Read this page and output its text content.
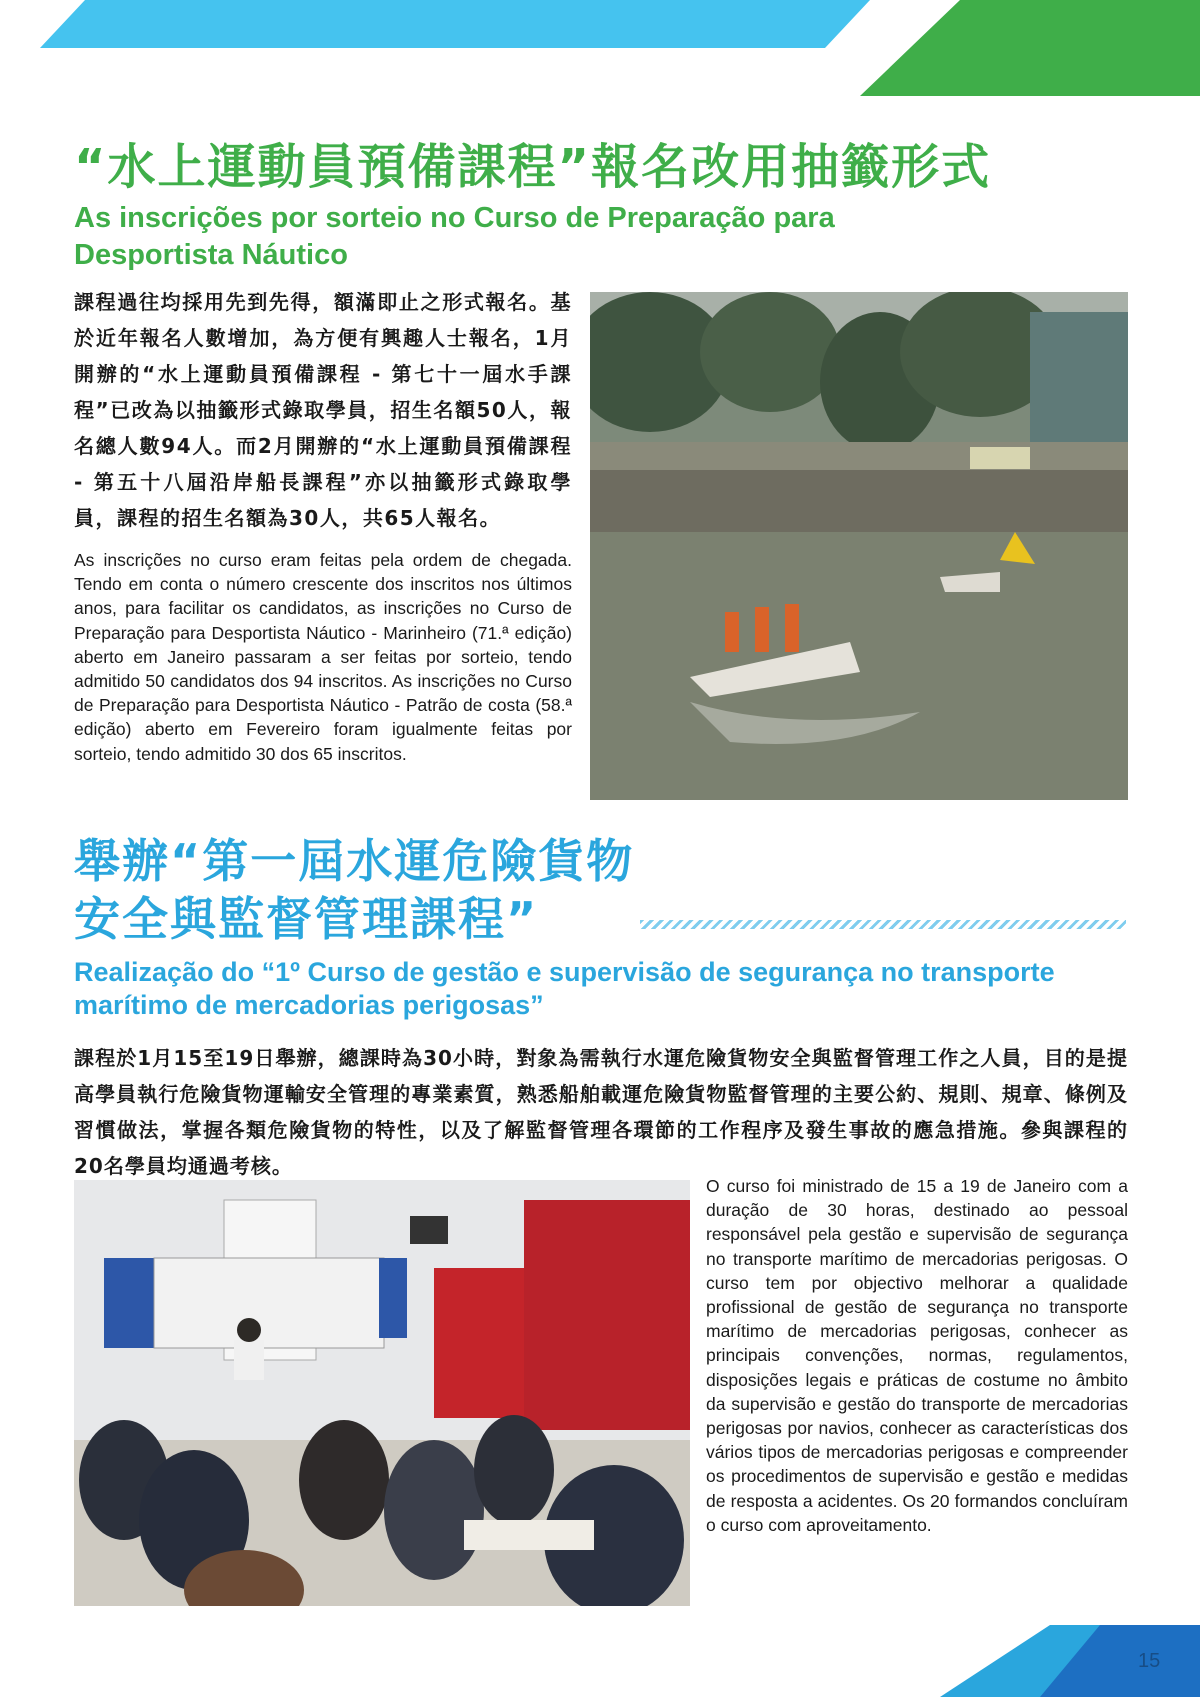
15
“水上運動員預備課程”報名改用抽籤形式
As inscrições por sorteio no Curso de Preparação para Desportista Náutico

課程過往均採用先到先得，額滿即止之形式報名。基於近年報名人數增加，為方便有興趣人士報名，1月開辦的“水上運動員預備課程 - 第七十一屆水手課程”已改為以抽籤形式錄取學員，招生名額50人，報名總人數94人。而2月開辦的“水上運動員預備課程 - 第五十八屆沿岸船長課程”亦以抽籤形式錄取學員，課程的招生名額為30人，共65人報名。

As inscrições no curso eram feitas pela ordem de chegada. Tendo em conta o número crescente dos inscritos nos últimos anos, para facilitar os candidatos, as inscrições no Curso de Preparação para Desportista Náutico - Marinheiro (71.ª edição) aberto em Janeiro passaram a ser feitas por sorteio, tendo admitido 50 candidatos dos 94 inscritos. As inscrições no Curso de Preparação para Desportista Náutico - Patrão de costa (58.ª edição) aberto em Fevereiro foram igualmente feitas por sorteio, tendo admitido 30 dos 65 inscritos.

舉辦“第一屆水運危險貨物
安全與監督管理課程”
Realização do “1º Curso de gestão e supervisão de segurança no transporte marítimo de mercadorias perigosas”

課程於1月15至19日舉辦，總課時為30小時，對象為需執行水運危險貨物安全與監督管理工作之人員，目的是提高學員執行危險貨物運輸安全管理的專業素質，熟悉船舶載運危險貨物監督管理的主要公約、規則、規章、條例及習慣做法，掌握各類危險貨物的特性，以及了解監督管理各環節的工作程序及發生事故的應急措施。參與課程的20名學員均通過考核。

O curso foi ministrado de 15 a 19 de Janeiro com a duração de 30 horas, destinado ao pessoal responsável pela gestão e supervisão de segurança no transporte marítimo de mercadorias perigosas. O curso tem por objectivo melhorar a qualidade profissional de gestão de segurança no transporte marítimo de mercadorias perigosas, conhecer as principais convenções, normas, regulamentos, disposições legais e práticas de costume no âmbito da supervisão e gestão do transporte de mercadorias perigosas por navios, conhecer as características dos vários tipos de mercadorias perigosas e compreender os procedimentos de supervisão e gestão e medidas de resposta a acidentes. Os 20 formandos concluíram o curso com aproveitamento.
